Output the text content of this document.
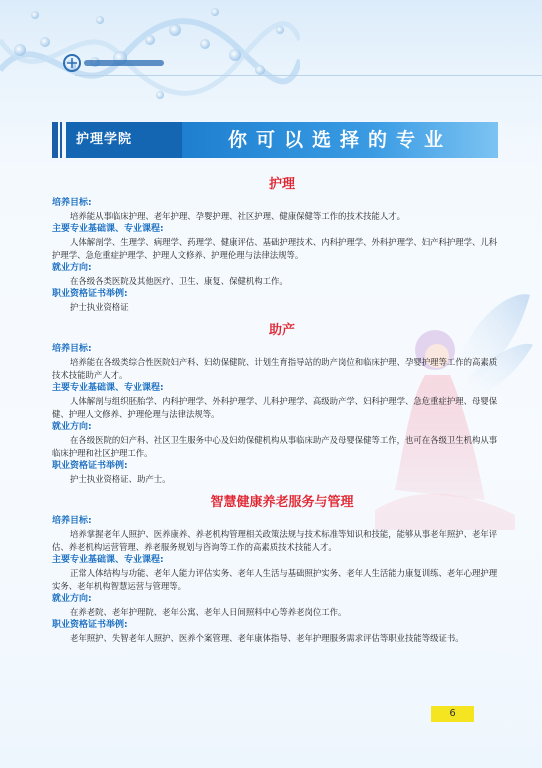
护理学院	你可以选择的专业
护理
培养目标:
培养能从事临床护理、老年护理、孕婴护理、社区护理、健康保健等工作的技术技能人才。
主要专业基础课、专业课程:
人体解剖学、生理学、病理学、药理学、健康评估、基础护理技术、内科护理学、外科护理学、妇产科护理学、儿科护理学、急危重症护理学、护理人文修养、护理伦理与法律法规等。
就业方向:
在各级各类医院及其他医疗、卫生、康复、保健机构工作。
职业资格证书举例:
护士执业资格证
助产
培养目标:
培养能在各级类综合性医院妇产科、妇幼保健院、计划生育指导站的助产岗位和临床护理、孕婴护理等工作的高素质技术技能助产人才。
主要专业基础课、专业课程:
人体解剖与组织胚胎学、内科护理学、外科护理学、儿科护理学、高级助产学、妇科护理学、急危重症护理、母婴保健、护理人文修养、护理伦理与法律法规等。
就业方向:
在各级医院的妇产科、社区卫生服务中心及妇幼保健机构从事临床助产及母婴保健等工作，也可在各级卫生机构从事临床护理和社区护理工作。
职业资格证书举例:
护士执业资格证、助产士。
智慧健康养老服务与管理
培养目标:
培养掌握老年人照护、医养康养、养老机构管理相关政策法规与技术标准等知识和技能，能够从事老年照护、老年评估、养老机构运营管理、养老服务规划与咨询等工作的高素质技术技能人才。
主要专业基础课、专业课程:
正常人体结构与功能、老年人能力评估实务、老年人生活与基础照护实务、老年人生活能力康复训练、老年心理护理实务、老年机构智慧运营与管理等。
就业方向:
在养老院、老年护理院、老年公寓、老年人日间照料中心等养老岗位工作。
职业资格证书举例:
老年照护、失智老年人照护、医养个案管理、老年康体指导、老年护理服务需求评估等职业技能等级证书。
6
